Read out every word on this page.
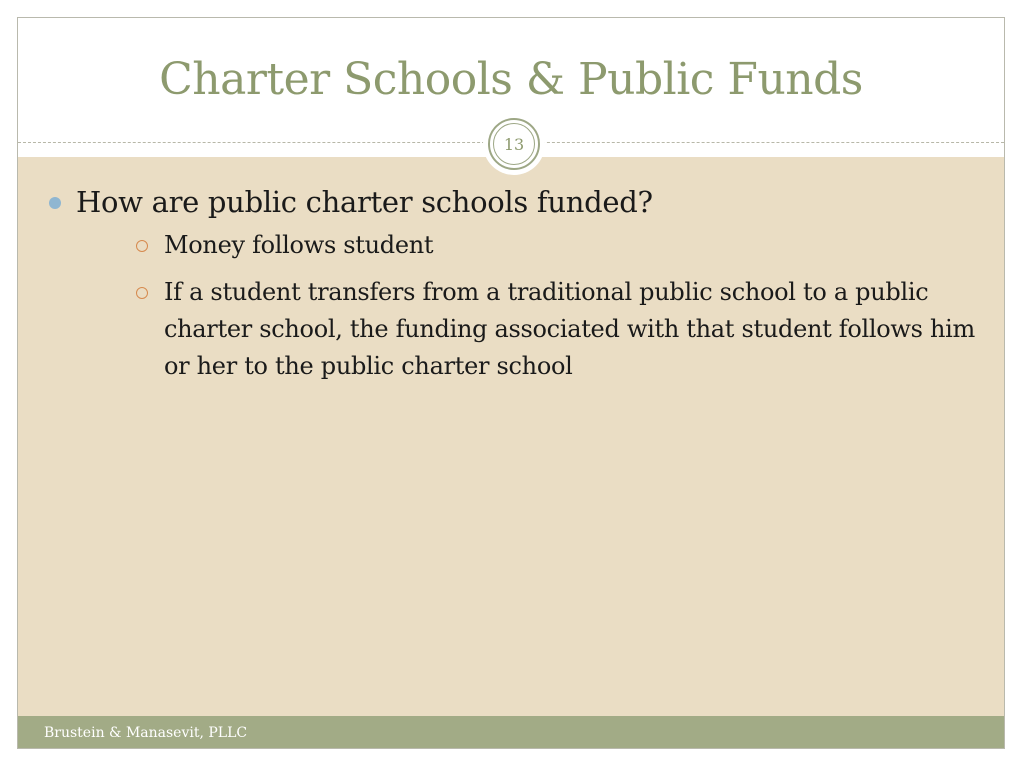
Charter Schools & Public Funds
13
How are public charter schools funded?
Money follows student
If a student transfers from a traditional public school to a public charter school, the funding associated with that student follows him or her to the public charter school
Brustein & Manasevit, PLLC
